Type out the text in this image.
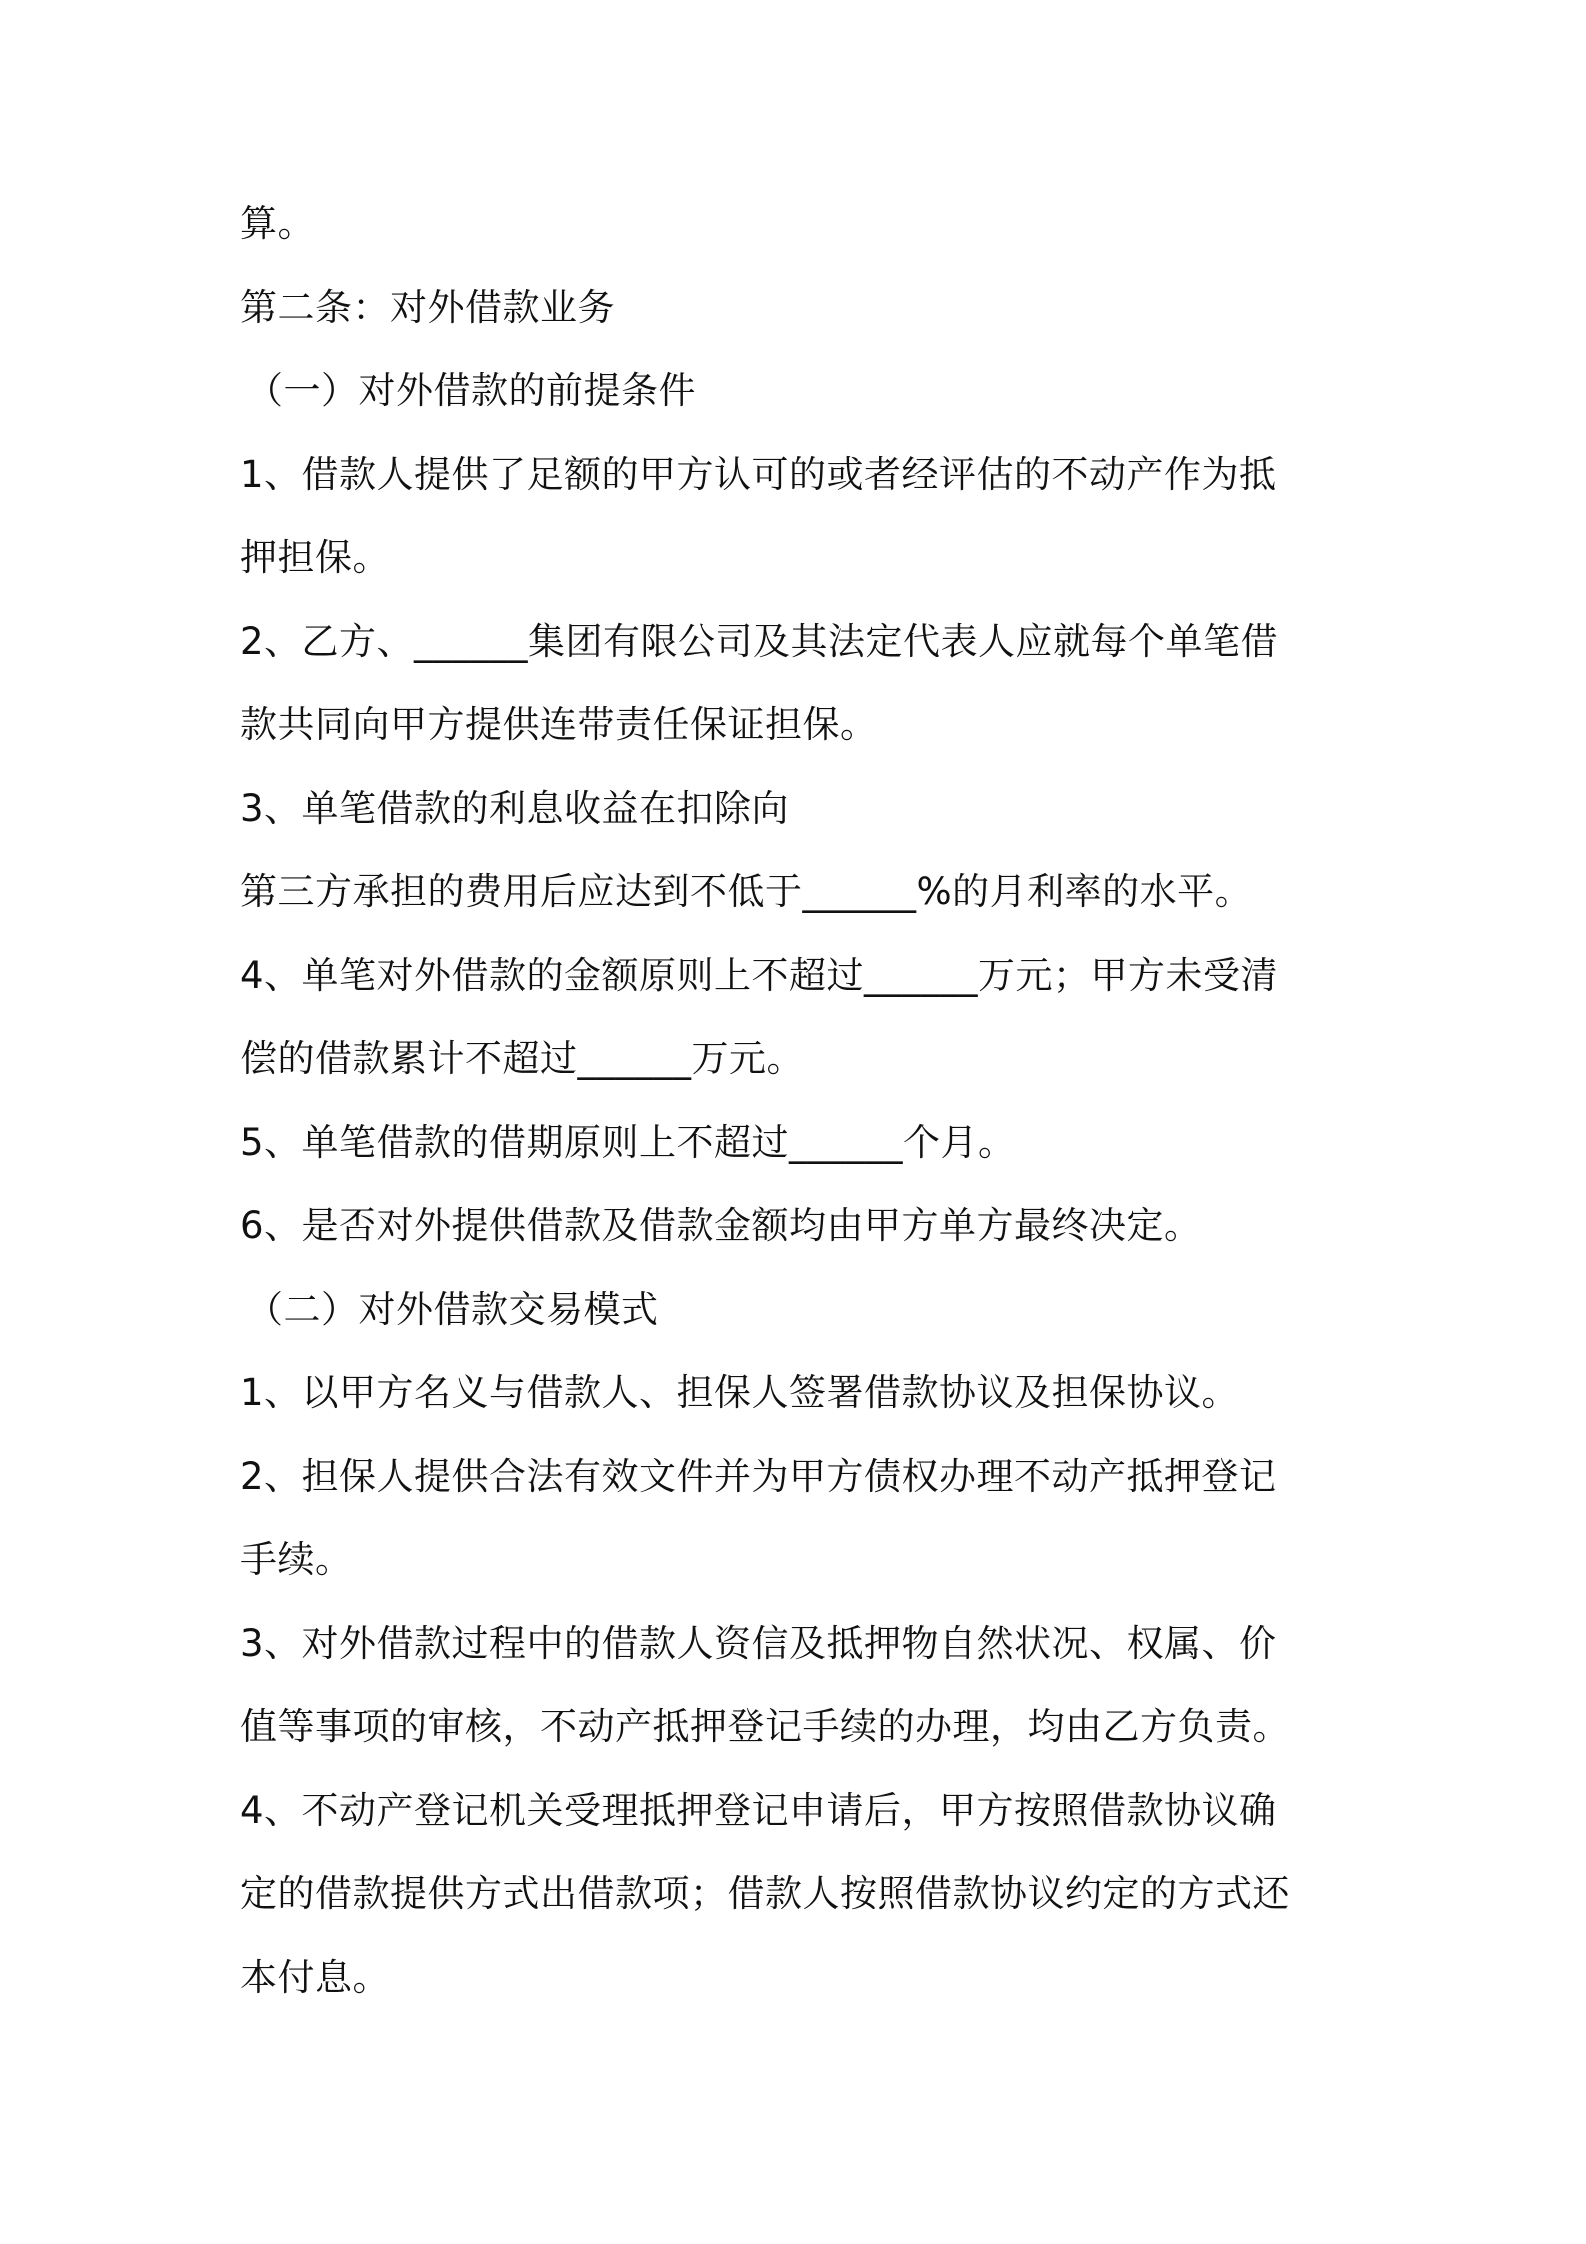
算。
第二条：对外借款业务
（一）对外借款的前提条件
1、借款人提供了足额的甲方认可的或者经评估的不动产作为抵
押担保。
2、乙方、______集团有限公司及其法定代表人应就每个单笔借
款共同向甲方提供连带责任保证担保。
3、单笔借款的利息收益在扣除向
第三方承担的费用后应达到不低于______%的月利率的水平。
4、单笔对外借款的金额原则上不超过______万元；甲方未受清
偿的借款累计不超过______万元。
5、单笔借款的借期原则上不超过______个月。
6、是否对外提供借款及借款金额均由甲方单方最终决定。
（二）对外借款交易模式
1、以甲方名义与借款人、担保人签署借款协议及担保协议。
2、担保人提供合法有效文件并为甲方债权办理不动产抵押登记
手续。
3、对外借款过程中的借款人资信及抵押物自然状况、权属、价
值等事项的审核，不动产抵押登记手续的办理，均由乙方负责。
4、不动产登记机关受理抵押登记申请后，甲方按照借款协议确
定的借款提供方式出借款项；借款人按照借款协议约定的方式还
本付息。
